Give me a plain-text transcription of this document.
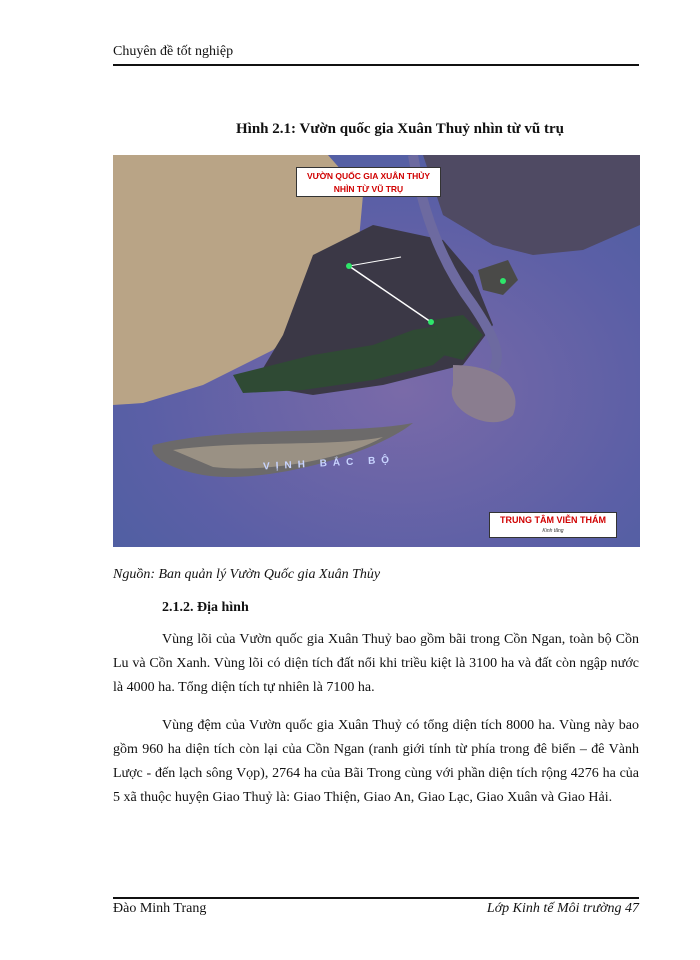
Chuyên đề tốt nghiệp
Hình 2.1: Vườn quốc gia Xuân Thuỷ nhìn từ vũ trụ
VƯỜN QUỐC GIA XUÂN THỦY
NHÌN TỪ VŨ TRỤ
VỊNH BẮC BỘ
TRUNG TÂM VIỄN THÁM
Kinh tăng
Nguồn: Ban quản lý Vườn Quốc gia Xuân Thủy
2.1.2. Địa hình

Vùng lõi của Vườn quốc gia Xuân Thuỷ bao gồm bãi trong Cồn Ngan, toàn bộ Cồn Lu và Cồn Xanh. Vùng lõi có diện tích đất nổi khi triều kiệt là 3100 ha và đất còn ngập nước là 4000 ha. Tổng diện tích tự nhiên là 7100 ha.

Vùng đệm của Vườn quốc gia Xuân Thuỷ có tổng diện tích 8000 ha. Vùng này bao gồm 960 ha diện tích còn lại của Cồn Ngan (ranh giới tính từ phía trong đê biển – đê Vành Lược - đến lạch sông Vọp), 2764 ha của Bãi Trong cùng với phần diện tích rộng 4276 ha của 5 xã thuộc huyện Giao Thuỷ là: Giao Thiện, Giao An, Giao Lạc, Giao Xuân và Giao Hải.

Đào Minh Trang	Lớp Kinh tế Môi trường 47
